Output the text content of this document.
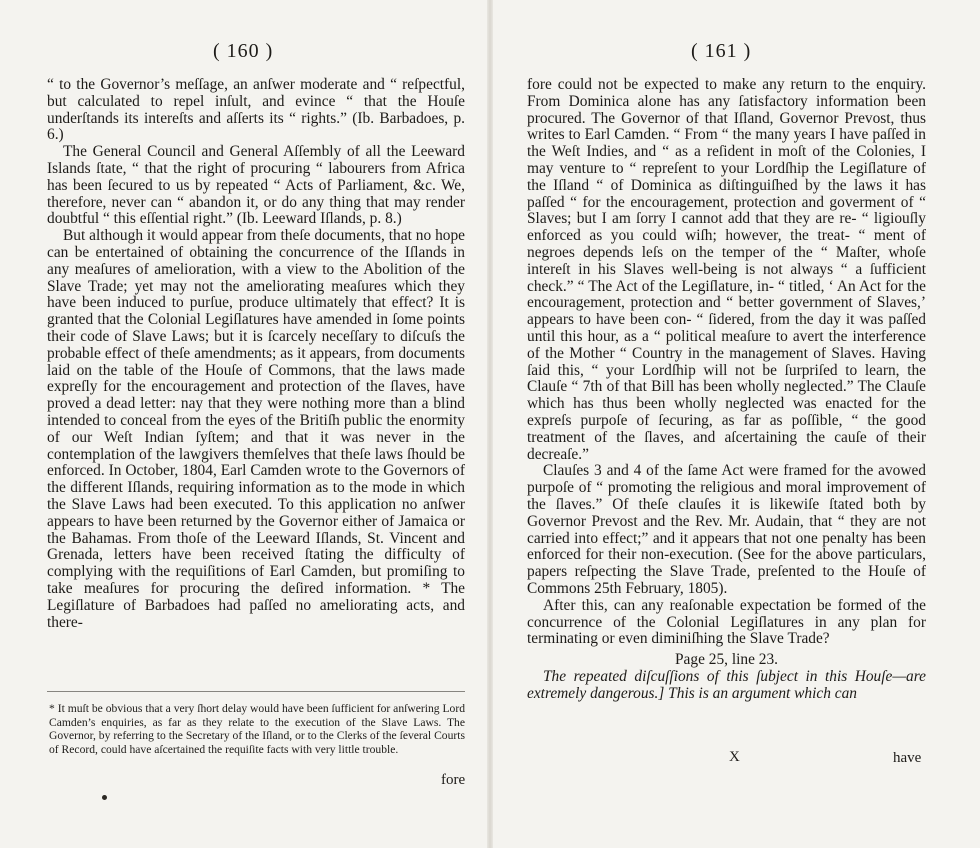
( 160 )

“ to the Governor’s meſſage, an anſwer moderate and “ reſpectful, but calculated to repel inſult, and evince “ that the Houſe underſtands its intereſts and aſſerts its “ rights.” (Ib. Barbadoes, p. 6.)

The General Council and General Aſſembly of all the Leeward Islands ſtate, “ that the right of procuring “ labourers from Africa has been ſecured to us by repeated “ Acts of Parliament, &c. We, therefore, never can “ abandon it, or do any thing that may render doubtful “ this eſſential right.” (Ib. Leeward Iſlands, p. 8.)

But although it would appear from theſe documents, that no hope can be entertained of obtaining the concurrence of the Iſlands in any meaſures of amelioration, with a view to the Abolition of the Slave Trade; yet may not the ameliorating meaſures which they have been induced to purſue, produce ultimately that effect? It is granted that the Colonial Legiſlatures have amended in ſome points their code of Slave Laws; but it is ſcarcely neceſſary to diſcuſs the probable effect of theſe amendments; as it appears, from documents laid on the table of the Houſe of Commons, that the laws made expreſly for the encouragement and protection of the ſlaves, have proved a dead letter: nay that they were nothing more than a blind intended to conceal from the eyes of the Britiſh public the enormity of our Weſt Indian ſyſtem; and that it was never in the contemplation of the lawgivers themſelves that theſe laws ſhould be enforced. In October, 1804, Earl Camden wrote to the Governors of the different Iſlands, requiring information as to the mode in which the Slave Laws had been executed. To this application no anſwer appears to have been returned by the Governor either of Jamaica or the Bahamas. From thoſe of the Leeward Iſlands, St. Vincent and Grenada, letters have been received ſtating the difficulty of complying with the requiſitions of Earl Camden, but promiſing to take meaſures for procuring the deſired information. * The Legiſlature of Barbadoes had paſſed no ameliorating acts, and there-

* It muſt be obvious that a very ſhort delay would have been ſufficient for anſwering Lord Camden’s enquiries, as far as they relate to the execution of the Slave Laws. The Governor, by referring to the Secretary of the Iſland, or to the Clerks of the ſeveral Courts of Record, could have aſcertained the requiſite facts with very little trouble.
fore
( 161 )

fore could not be expected to make any return to the enquiry. From Dominica alone has any ſatisfactory information been procured. The Governor of that Iſland, Governor Prevost, thus writes to Earl Camden. “ From “ the many years I have paſſed in the Weſt Indies, and “ as a reſident in moſt of the Colonies, I may venture to “ repreſent to your Lordſhip the Legiſlature of the Iſland “ of Dominica as diſtinguiſhed by the laws it has paſſed “ for the encouragement, protection and goverment of “ Slaves; but I am ſorry I cannot add that they are re- “ ligiouſly enforced as you could wiſh; however, the treat- “ ment of negroes depends leſs on the temper of the “ Maſter, whoſe intereſt in his Slaves well-being is not always “ a ſufficient check.” “ The Act of the Legiſlature, in- “ titled, ‘ An Act for the encouragement, protection and “ better government of Slaves,’ appears to have been con- “ ſidered, from the day it was paſſed until this hour, as a “ political meaſure to avert the interference of the Mother “ Country in the management of Slaves. Having ſaid this, “ your Lordſhip will not be ſurpriſed to learn, the Clauſe “ 7th of that Bill has been wholly neglected.” The Clauſe which has thus been wholly neglected was enacted for the expreſs purpoſe of ſecuring, as far as poſſible, “ the good treatment of the ſlaves, and aſcertaining the cauſe of their decreaſe.”

Clauſes 3 and 4 of the ſame Act were framed for the avowed purpoſe of “ promoting the religious and moral improvement of the ſlaves.” Of theſe clauſes it is likewiſe ſtated both by Governor Prevost and the Rev. Mr. Audain, that “ they are not carried into effect;” and it appears that not one penalty has been enforced for their non-execution. (See for the above particulars, papers reſpecting the Slave Trade, preſented to the Houſe of Commons 25th February, 1805).

After this, can any reaſonable expectation be formed of the concurrence of the Colonial Legiſlatures in any plan for terminating or even diminiſhing the Slave Trade?

Page 25, line 23.

The repeated diſcuſſions of this ſubject in this Houſe—are extremely dangerous.] This is an argument which can

X	have
